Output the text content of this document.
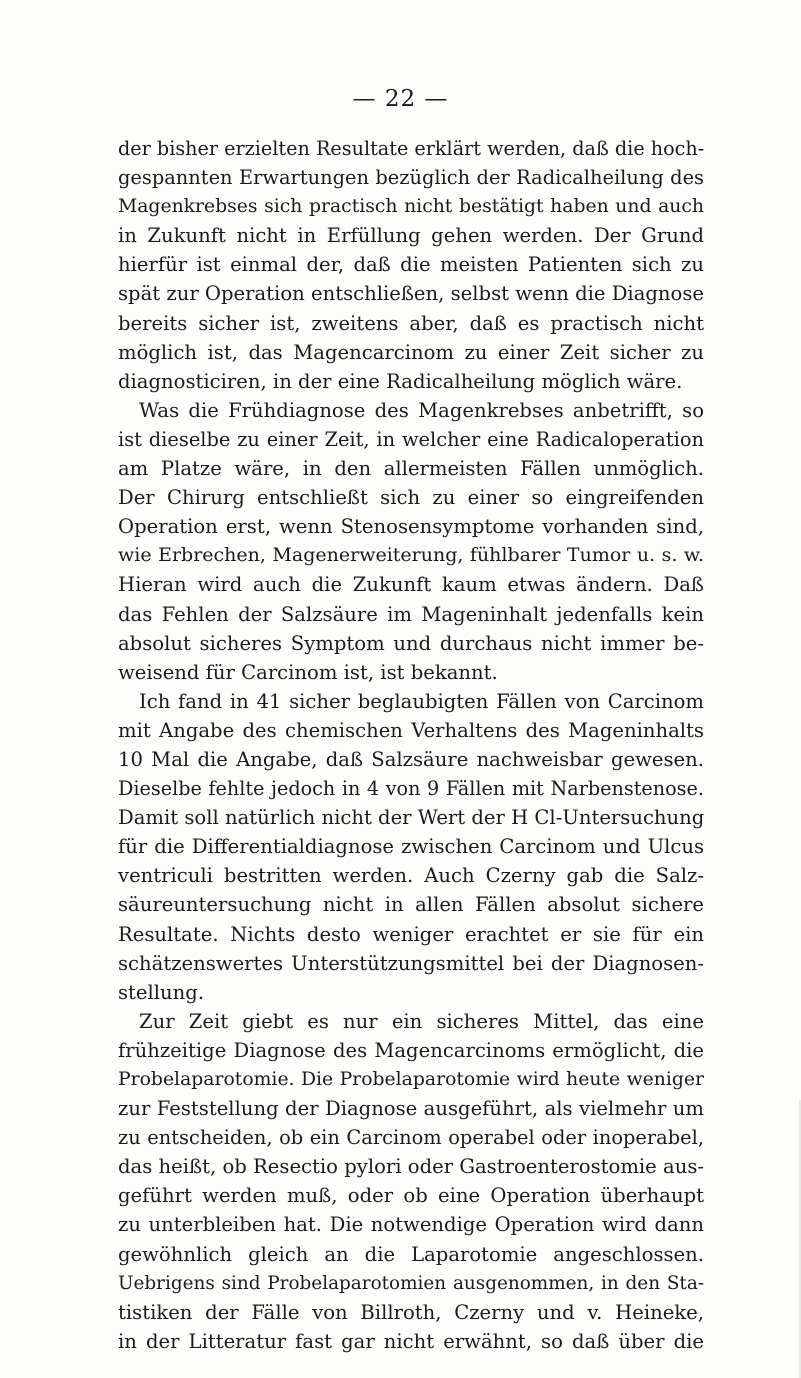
— 22 —
der bisher erzielten Resultate erklärt werden, daß die hoch-
gespannten Erwartungen bezüglich der Radicalheilung des
Magenkrebses sich practisch nicht bestätigt haben und auch
in Zukunft nicht in Erfüllung gehen werden. Der Grund
hierfür ist einmal der, daß die meisten Patienten sich zu
spät zur Operation entschließen, selbst wenn die Diagnose
bereits sicher ist, zweitens aber, daß es practisch nicht
möglich ist, das Magencarcinom zu einer Zeit sicher zu
diagnosticiren, in der eine Radicalheilung möglich wäre.
Was die Frühdiagnose des Magenkrebses anbetrifft, so
ist dieselbe zu einer Zeit, in welcher eine Radicaloperation
am Platze wäre, in den allermeisten Fällen unmöglich.
Der Chirurg entschließt sich zu einer so eingreifenden
Operation erst, wenn Stenosensymptome vorhanden sind,
wie Erbrechen, Magenerweiterung, fühlbarer Tumor u. s. w.
Hieran wird auch die Zukunft kaum etwas ändern. Daß
das Fehlen der Salzsäure im Mageninhalt jedenfalls kein
absolut sicheres Symptom und durchaus nicht immer be-
weisend für Carcinom ist, ist bekannt.
Ich fand in 41 sicher beglaubigten Fällen von Carcinom
mit Angabe des chemischen Verhaltens des Mageninhalts
10 Mal die Angabe, daß Salzsäure nachweisbar gewesen.
Dieselbe fehlte jedoch in 4 von 9 Fällen mit Narbenstenose.
Damit soll natürlich nicht der Wert der H Cl-Untersuchung
für die Differentialdiagnose zwischen Carcinom und Ulcus
ventriculi bestritten werden. Auch Czerny gab die Salz-
säureuntersuchung nicht in allen Fällen absolut sichere
Resultate. Nichts desto weniger erachtet er sie für ein
schätzenswertes Unterstützungsmittel bei der Diagnosen-
stellung.
Zur Zeit giebt es nur ein sicheres Mittel, das eine
frühzeitige Diagnose des Magencarcinoms ermöglicht, die
Probelaparotomie. Die Probelaparotomie wird heute weniger
zur Feststellung der Diagnose ausgeführt, als vielmehr um
zu entscheiden, ob ein Carcinom operabel oder inoperabel,
das heißt, ob Resectio pylori oder Gastroenterostomie aus-
geführt werden muß, oder ob eine Operation überhaupt
zu unterbleiben hat. Die notwendige Operation wird dann
gewöhnlich gleich an die Laparotomie angeschlossen.
Uebrigens sind Probelaparotomien ausgenommen, in den Sta-
tistiken der Fälle von Billroth, Czerny und v. Heineke,
in der Litteratur fast gar nicht erwähnt, so daß über die
